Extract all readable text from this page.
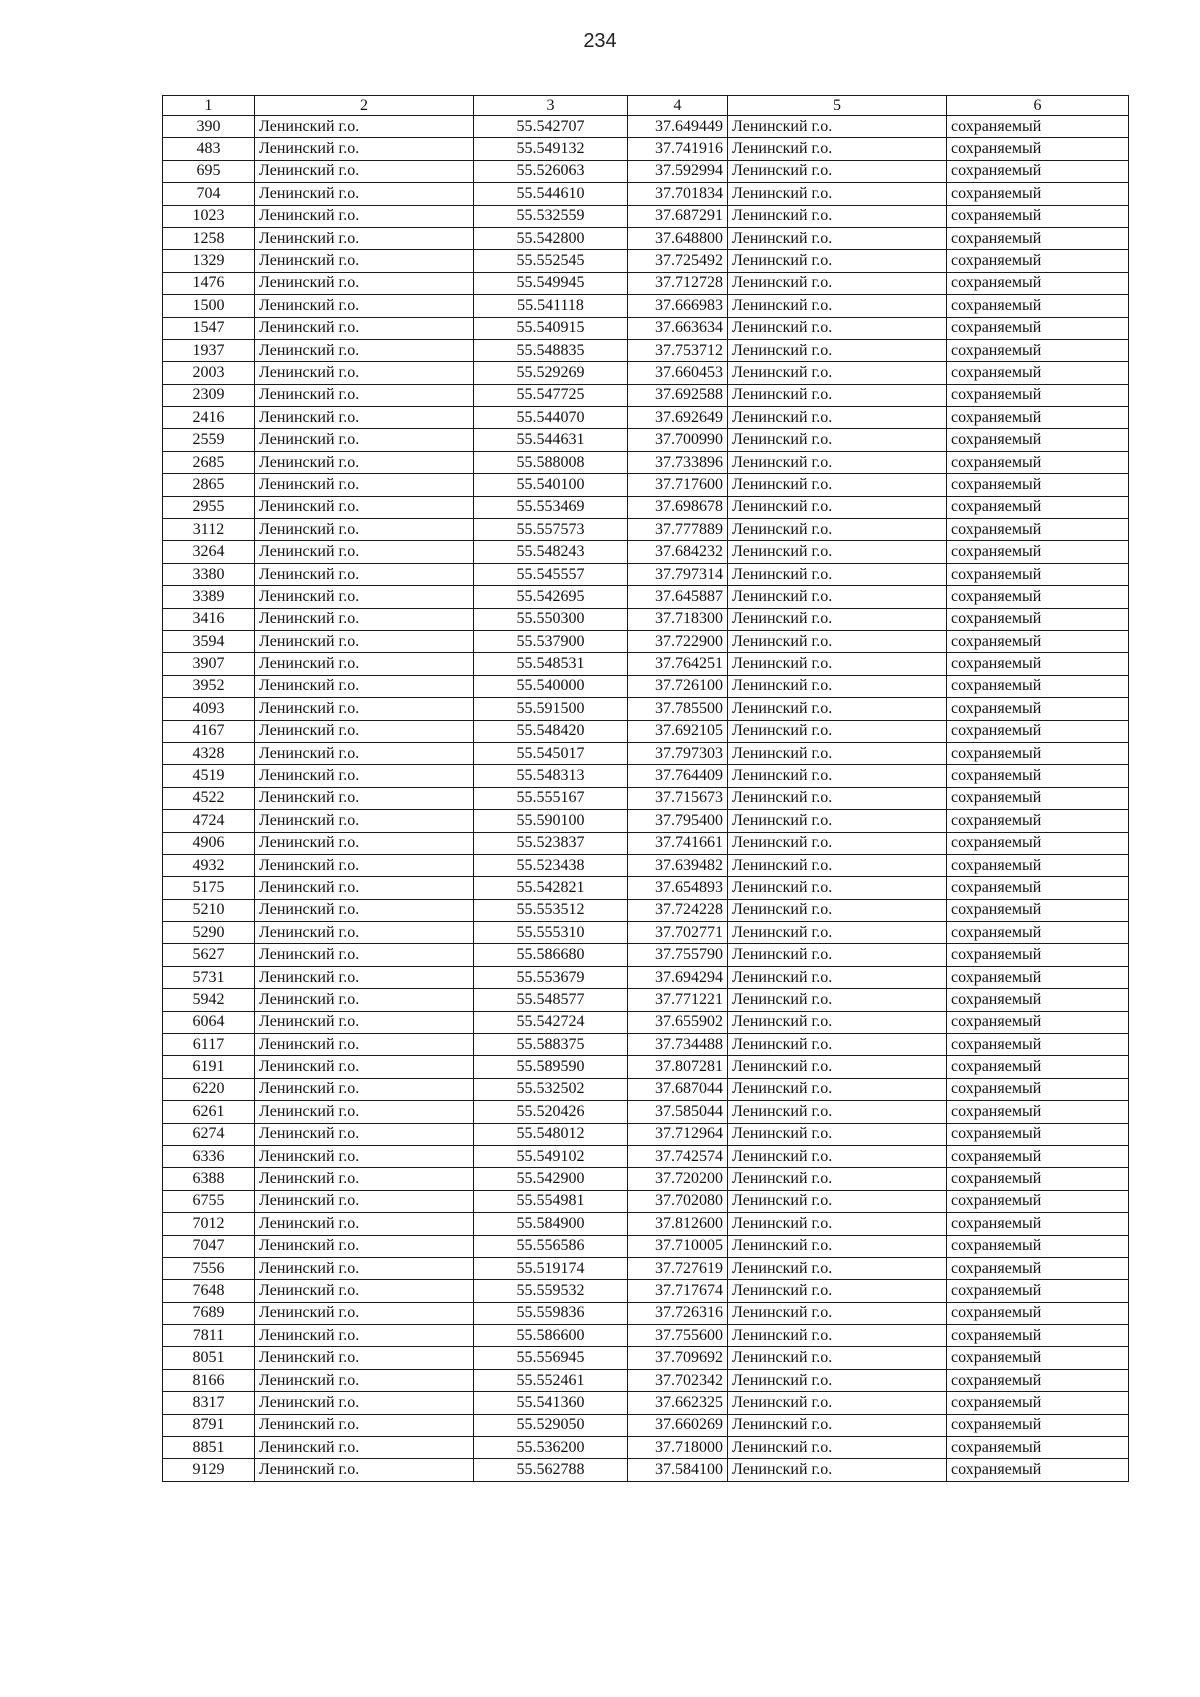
234
1	2	3	4	5	6
390	Ленинский г.о.	55.542707	37.649449	Ленинский г.о.	сохраняемый
483	Ленинский г.о.	55.549132	37.741916	Ленинский г.о.	сохраняемый
695	Ленинский г.о.	55.526063	37.592994	Ленинский г.о.	сохраняемый
704	Ленинский г.о.	55.544610	37.701834	Ленинский г.о.	сохраняемый
1023	Ленинский г.о.	55.532559	37.687291	Ленинский г.о.	сохраняемый
1258	Ленинский г.о.	55.542800	37.648800	Ленинский г.о.	сохраняемый
1329	Ленинский г.о.	55.552545	37.725492	Ленинский г.о.	сохраняемый
1476	Ленинский г.о.	55.549945	37.712728	Ленинский г.о.	сохраняемый
1500	Ленинский г.о.	55.541118	37.666983	Ленинский г.о.	сохраняемый
1547	Ленинский г.о.	55.540915	37.663634	Ленинский г.о.	сохраняемый
1937	Ленинский г.о.	55.548835	37.753712	Ленинский г.о.	сохраняемый
2003	Ленинский г.о.	55.529269	37.660453	Ленинский г.о.	сохраняемый
2309	Ленинский г.о.	55.547725	37.692588	Ленинский г.о.	сохраняемый
2416	Ленинский г.о.	55.544070	37.692649	Ленинский г.о.	сохраняемый
2559	Ленинский г.о.	55.544631	37.700990	Ленинский г.о.	сохраняемый
2685	Ленинский г.о.	55.588008	37.733896	Ленинский г.о.	сохраняемый
2865	Ленинский г.о.	55.540100	37.717600	Ленинский г.о.	сохраняемый
2955	Ленинский г.о.	55.553469	37.698678	Ленинский г.о.	сохраняемый
3112	Ленинский г.о.	55.557573	37.777889	Ленинский г.о.	сохраняемый
3264	Ленинский г.о.	55.548243	37.684232	Ленинский г.о.	сохраняемый
3380	Ленинский г.о.	55.545557	37.797314	Ленинский г.о.	сохраняемый
3389	Ленинский г.о.	55.542695	37.645887	Ленинский г.о.	сохраняемый
3416	Ленинский г.о.	55.550300	37.718300	Ленинский г.о.	сохраняемый
3594	Ленинский г.о.	55.537900	37.722900	Ленинский г.о.	сохраняемый
3907	Ленинский г.о.	55.548531	37.764251	Ленинский г.о.	сохраняемый
3952	Ленинский г.о.	55.540000	37.726100	Ленинский г.о.	сохраняемый
4093	Ленинский г.о.	55.591500	37.785500	Ленинский г.о.	сохраняемый
4167	Ленинский г.о.	55.548420	37.692105	Ленинский г.о.	сохраняемый
4328	Ленинский г.о.	55.545017	37.797303	Ленинский г.о.	сохраняемый
4519	Ленинский г.о.	55.548313	37.764409	Ленинский г.о.	сохраняемый
4522	Ленинский г.о.	55.555167	37.715673	Ленинский г.о.	сохраняемый
4724	Ленинский г.о.	55.590100	37.795400	Ленинский г.о.	сохраняемый
4906	Ленинский г.о.	55.523837	37.741661	Ленинский г.о.	сохраняемый
4932	Ленинский г.о.	55.523438	37.639482	Ленинский г.о.	сохраняемый
5175	Ленинский г.о.	55.542821	37.654893	Ленинский г.о.	сохраняемый
5210	Ленинский г.о.	55.553512	37.724228	Ленинский г.о.	сохраняемый
5290	Ленинский г.о.	55.555310	37.702771	Ленинский г.о.	сохраняемый
5627	Ленинский г.о.	55.586680	37.755790	Ленинский г.о.	сохраняемый
5731	Ленинский г.о.	55.553679	37.694294	Ленинский г.о.	сохраняемый
5942	Ленинский г.о.	55.548577	37.771221	Ленинский г.о.	сохраняемый
6064	Ленинский г.о.	55.542724	37.655902	Ленинский г.о.	сохраняемый
6117	Ленинский г.о.	55.588375	37.734488	Ленинский г.о.	сохраняемый
6191	Ленинский г.о.	55.589590	37.807281	Ленинский г.о.	сохраняемый
6220	Ленинский г.о.	55.532502	37.687044	Ленинский г.о.	сохраняемый
6261	Ленинский г.о.	55.520426	37.585044	Ленинский г.о.	сохраняемый
6274	Ленинский г.о.	55.548012	37.712964	Ленинский г.о.	сохраняемый
6336	Ленинский г.о.	55.549102	37.742574	Ленинский г.о.	сохраняемый
6388	Ленинский г.о.	55.542900	37.720200	Ленинский г.о.	сохраняемый
6755	Ленинский г.о.	55.554981	37.702080	Ленинский г.о.	сохраняемый
7012	Ленинский г.о.	55.584900	37.812600	Ленинский г.о.	сохраняемый
7047	Ленинский г.о.	55.556586	37.710005	Ленинский г.о.	сохраняемый
7556	Ленинский г.о.	55.519174	37.727619	Ленинский г.о.	сохраняемый
7648	Ленинский г.о.	55.559532	37.717674	Ленинский г.о.	сохраняемый
7689	Ленинский г.о.	55.559836	37.726316	Ленинский г.о.	сохраняемый
7811	Ленинский г.о.	55.586600	37.755600	Ленинский г.о.	сохраняемый
8051	Ленинский г.о.	55.556945	37.709692	Ленинский г.о.	сохраняемый
8166	Ленинский г.о.	55.552461	37.702342	Ленинский г.о.	сохраняемый
8317	Ленинский г.о.	55.541360	37.662325	Ленинский г.о.	сохраняемый
8791	Ленинский г.о.	55.529050	37.660269	Ленинский г.о.	сохраняемый
8851	Ленинский г.о.	55.536200	37.718000	Ленинский г.о.	сохраняемый
9129	Ленинский г.о.	55.562788	37.584100	Ленинский г.о.	сохраняемый
